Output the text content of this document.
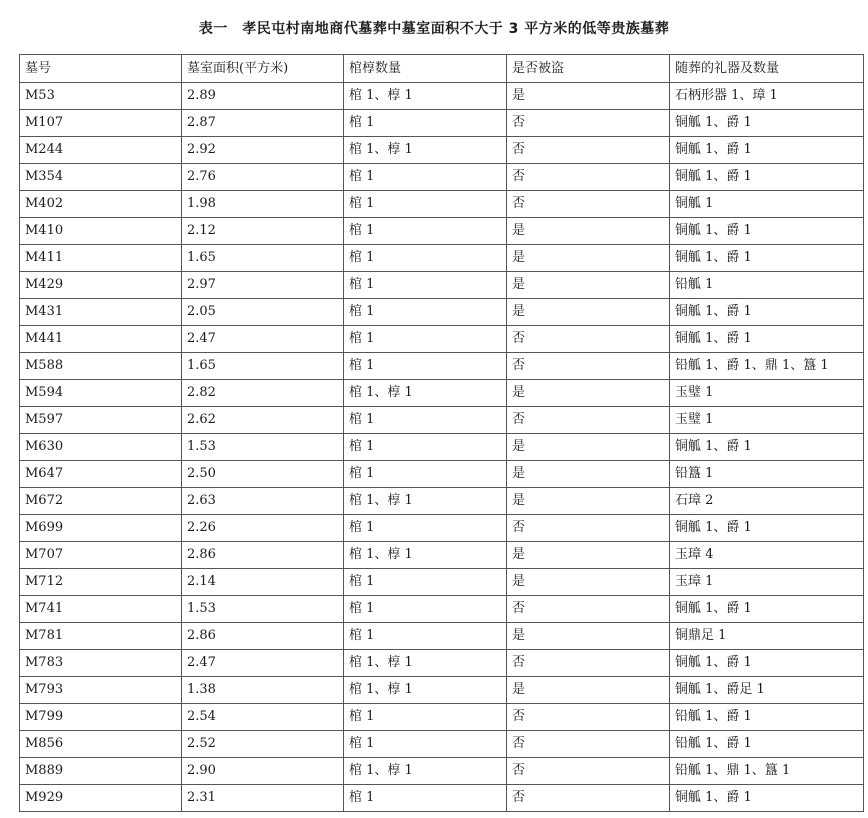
表一　孝民屯村南地商代墓葬中墓室面积不大于 3 平方米的低等贵族墓葬
墓号	墓室面积(平方米)	棺椁数量	是否被盗	随葬的礼器及数量
M53	2.89	棺 1、椁 1	是	石柄形器 1、璋 1
M107	2.87	棺 1	否	铜觚 1、爵 1
M244	2.92	棺 1、椁 1	否	铜觚 1、爵 1
M354	2.76	棺 1	否	铜觚 1、爵 1
M402	1.98	棺 1	否	铜觚 1
M410	2.12	棺 1	是	铜觚 1、爵 1
M411	1.65	棺 1	是	铜觚 1、爵 1
M429	2.97	棺 1	是	铅觚 1
M431	2.05	棺 1	是	铜觚 1、爵 1
M441	2.47	棺 1	否	铜觚 1、爵 1
M588	1.65	棺 1	否	铅觚 1、爵 1、鼎 1、簋 1
M594	2.82	棺 1、椁 1	是	玉璧 1
M597	2.62	棺 1	否	玉璧 1
M630	1.53	棺 1	是	铜觚 1、爵 1
M647	2.50	棺 1	是	铅簋 1
M672	2.63	棺 1、椁 1	是	石璋 2
M699	2.26	棺 1	否	铜觚 1、爵 1
M707	2.86	棺 1、椁 1	是	玉璋 4
M712	2.14	棺 1	是	玉璋 1
M741	1.53	棺 1	否	铜觚 1、爵 1
M781	2.86	棺 1	是	铜鼎足 1
M783	2.47	棺 1、椁 1	否	铜觚 1、爵 1
M793	1.38	棺 1、椁 1	是	铜觚 1、爵足 1
M799	2.54	棺 1	否	铅觚 1、爵 1
M856	2.52	棺 1	否	铅觚 1、爵 1
M889	2.90	棺 1、椁 1	否	铅觚 1、鼎 1、簋 1
M929	2.31	棺 1	否	铜觚 1、爵 1
